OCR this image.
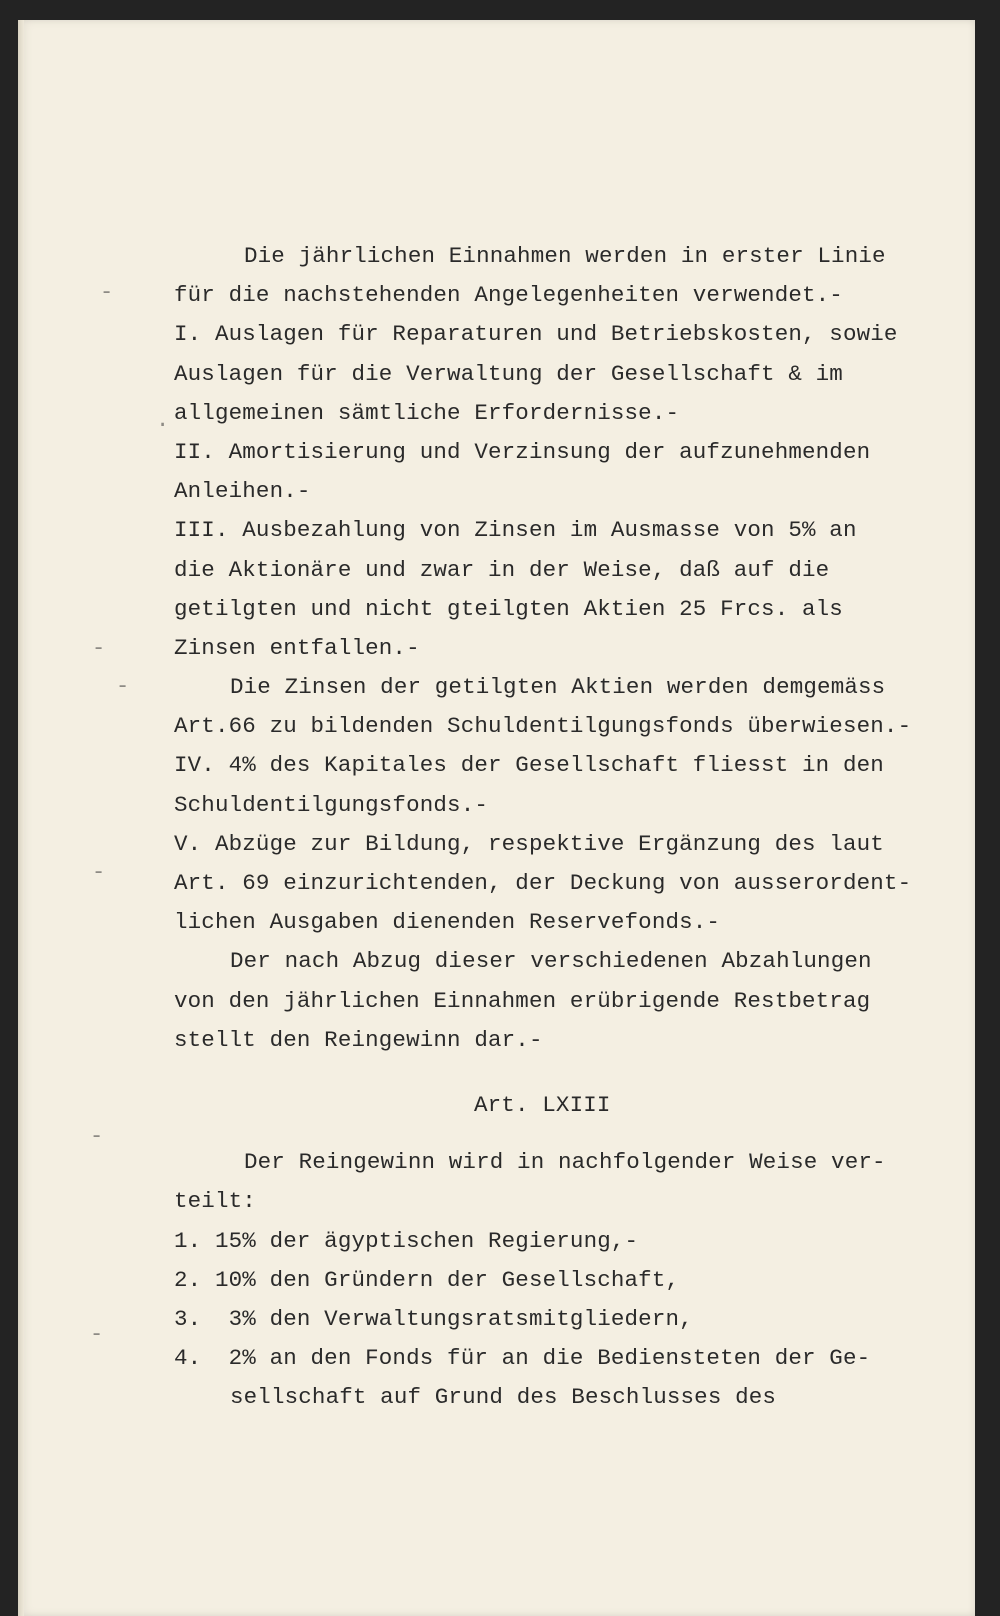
-
.
-
-
-
-
-
Die jährlichen Einnahmen werden in erster Linie
für die nachstehenden Angelegenheiten verwendet.-
I. Auslagen für Reparaturen und Betriebskosten, sowie
Auslagen für die Verwaltung der Gesellschaft & im
allgemeinen sämtliche Erfordernisse.-
II. Amortisierung und Verzinsung der aufzunehmenden
Anleihen.-
III. Ausbezahlung von Zinsen im Ausmasse von 5% an
die Aktionäre und zwar in der Weise, daß auf die
getilgten und nicht gteilgten Aktien 25 Frcs. als
Zinsen entfallen.-
Die Zinsen der getilgten Aktien werden demgemäss
Art.66 zu bildenden Schuldentilgungsfonds überwiesen.-
IV. 4% des Kapitales der Gesellschaft fliesst in den
Schuldentilgungsfonds.-
V. Abzüge zur Bildung, respektive Ergänzung des laut
Art. 69 einzurichtenden, der Deckung von ausserordent-
lichen Ausgaben dienenden Reservefonds.-
Der nach Abzug dieser verschiedenen Abzahlungen
von den jährlichen Einnahmen erübrigende Restbetrag
stellt den Reingewinn dar.-
Art. LXIII
Der Reingewinn wird in nachfolgender Weise ver-
teilt:
1. 15% der ägyptischen Regierung,-
2. 10% den Gründern der Gesellschaft,
3.  3% den Verwaltungsratsmitgliedern,
4.  2% an den Fonds für an die Bediensteten der Ge-
sellschaft auf Grund des Beschlusses des
